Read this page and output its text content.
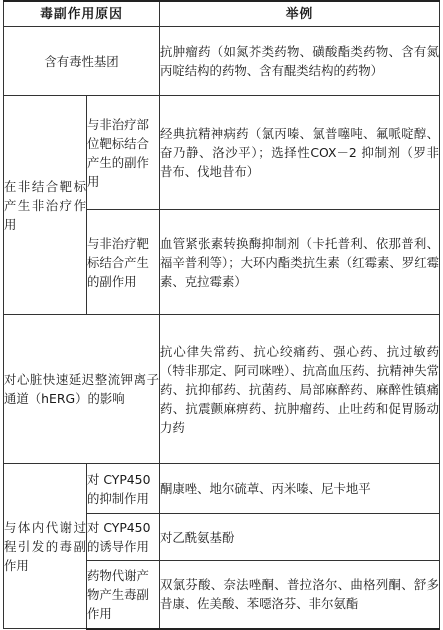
毒副作用原因		举例
含有毒性基团		抗肿瘤药（如氮芥类药物、磺酸酯类药物、含有氮丙啶结构的药物、含有醌类结构的药物）
在非结合靶标产生非治疗作用	与非治疗部位靶标结合产生的副作用	经典抗精神病药（氯丙嗪、氯普噻吨、氟哌啶醇、奋乃静、洛沙平）；选择性COX－2 抑制剂（罗非昔布、伐地昔布）
	与非治疗靶标结合产生的副作用	血管紧张素转换酶抑制剂（卡托普利、依那普利、福辛普利等）；大环内酯类抗生素（红霉素、罗红霉素、克拉霉素）
对心脏快速延迟整流钾离子通道（hERG）的影响		抗心律失常药、抗心绞痛药、强心药、抗过敏药（特非那定、阿司咪唑）、抗高血压药、抗精神失常药、抗抑郁药、抗菌药、局部麻醉药、麻醉性镇痛药、抗震颤麻痹药、抗肿瘤药、止吐药和促胃肠动力药
与体内代谢过程引发的毒副作用	对 CYP450 的抑制作用	酮康唑、地尔硫䓬、丙米嗪、尼卡地平
	对 CYP450 的诱导作用	对乙酰氨基酚
	药物代谢产物产生毒副作用	双氯芬酸、奈法唑酮、普拉洛尔、曲格列酮、舒多昔康、佐美酸、苯噁洛芬、非尔氨酯
